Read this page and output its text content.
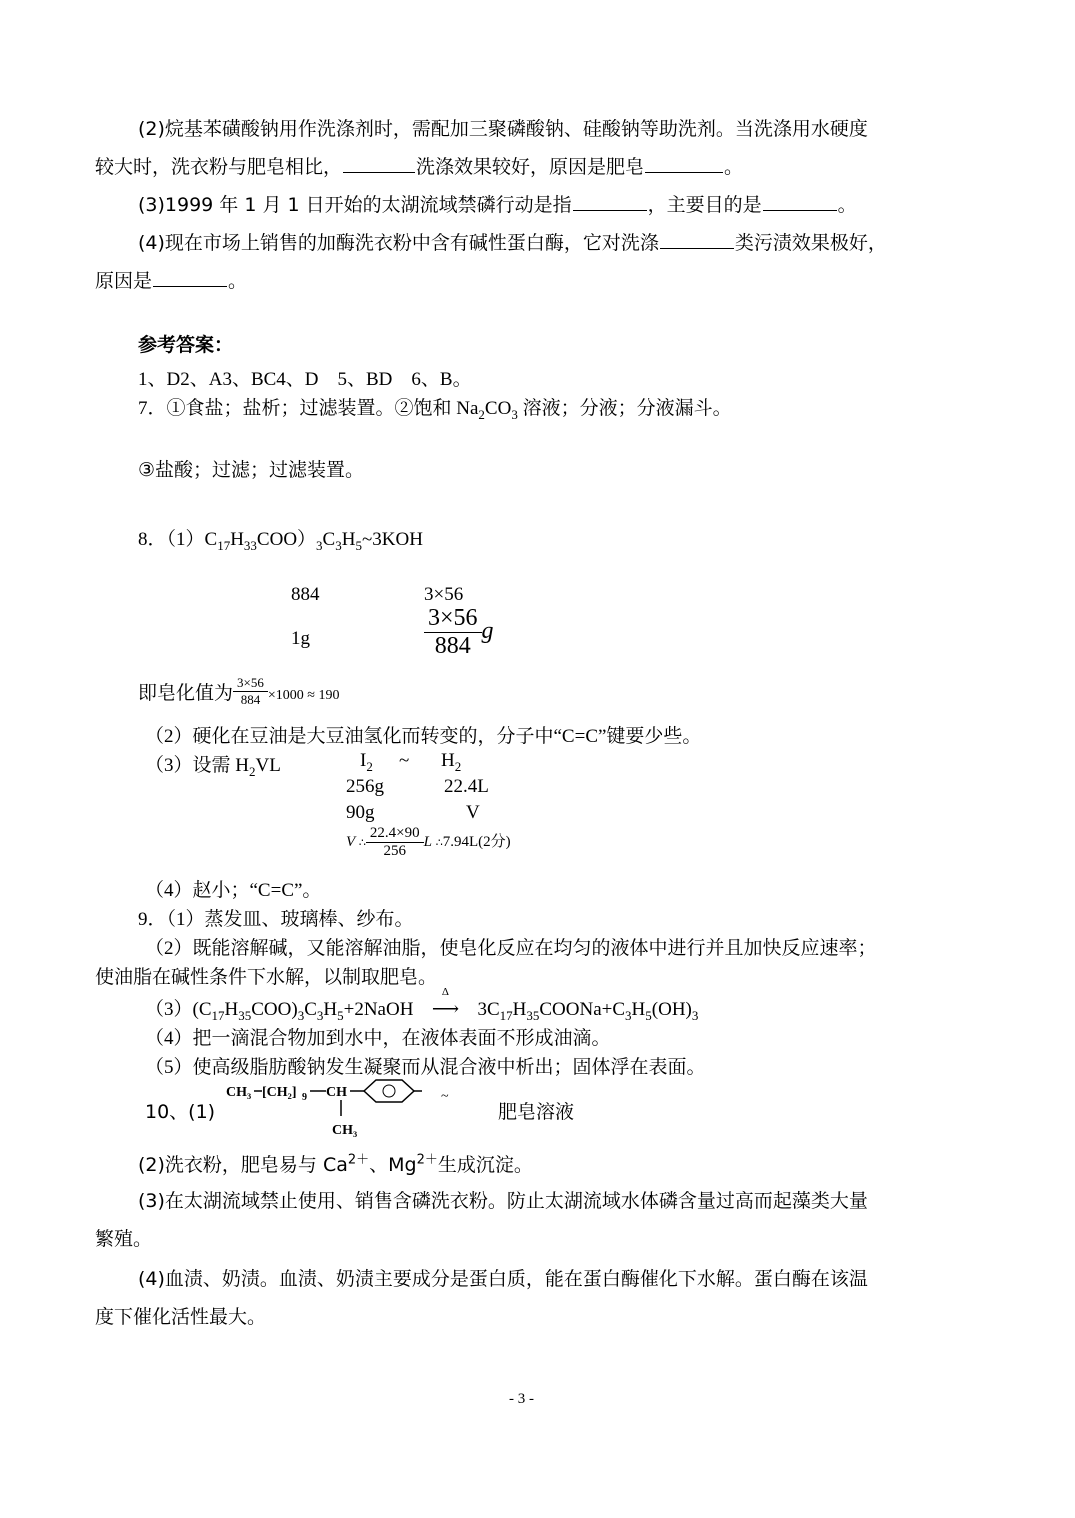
(2)烷基苯磺酸钠用作洗涤剂时，需配加三聚磷酸钠、硅酸钠等助洗剂。当洗涤用水硬度
较大时，洗衣粉与肥皂相比，	洗涤效果较好，原因是肥皂	。
(3)1999 年 1 月 1 日开始的太湖流域禁磷行动是指	，主要目的是	。
(4)现在市场上销售的加酶洗衣粉中含有碱性蛋白酶，它对洗涤	类污渍效果极好，
原因是	。
参考答案：
1、D2、A3、BC4、D　5、BD　6、B。
7．①食盐；盐析；过滤装置。②饱和 $Na_2CO_3$ 溶液；分液；分液漏斗。
③盐酸；过滤；过滤装置。
8．$(1)C_{17}H_{33}COO)_3C_3H_5\sim 3KOH$
884	3×56
1g	$\frac{3\times 56}{884}$ g
即皂化值为 $\frac{3\times 56}{884} \times 1000 \approx 190$
（2）硬化在豆油是大豆油氢化而转变的，分子中“C=C”键要少些。
（3）设需 $H_2VL$	$I_2$ ~ $H_2$
256g	22.4L
90g	V
V ∴ $\frac{22.4\times 90}{256}$ L ∴7.94L(2分)
（4）赵小；“C=C”。
9．（1）蒸发皿、玻璃棒、纱布。
（2）既能溶解碱，又能溶解油脂，使皂化反应在均匀的液体中进行并且加快反应速率；
使油脂在碱性条件下水解，以制取肥皂。
$(3)(C_{17}H_{35}COO)_3C_3H_5+2NaOH$
Δ
⟶ $3C_{17}H_{35}COONa+C_3H_5(OH)_3$
（4）把一滴混合物加到水中，在液体表面不形成油滴。
（5）使高级脂肪酸钠发生凝聚而从混合液中析出；固体浮在表面。
10、(1)
CH₃ [CH₂] 9 CH
CH₃
~
肥皂溶液
(2)洗衣粉，肥皂易与 $Ca^{2+}$、$Mg^{2+}$生成沉淀。
(3)在太湖流域禁止使用、销售含磷洗衣粉。防止太湖流域水体磷含量过高而起藻类大量
繁殖。
(4)血渍、奶渍。血渍、奶渍主要成分是蛋白质，能在蛋白酶催化下水解。蛋白酶在该温
度下催化活性最大。
- 3 -
